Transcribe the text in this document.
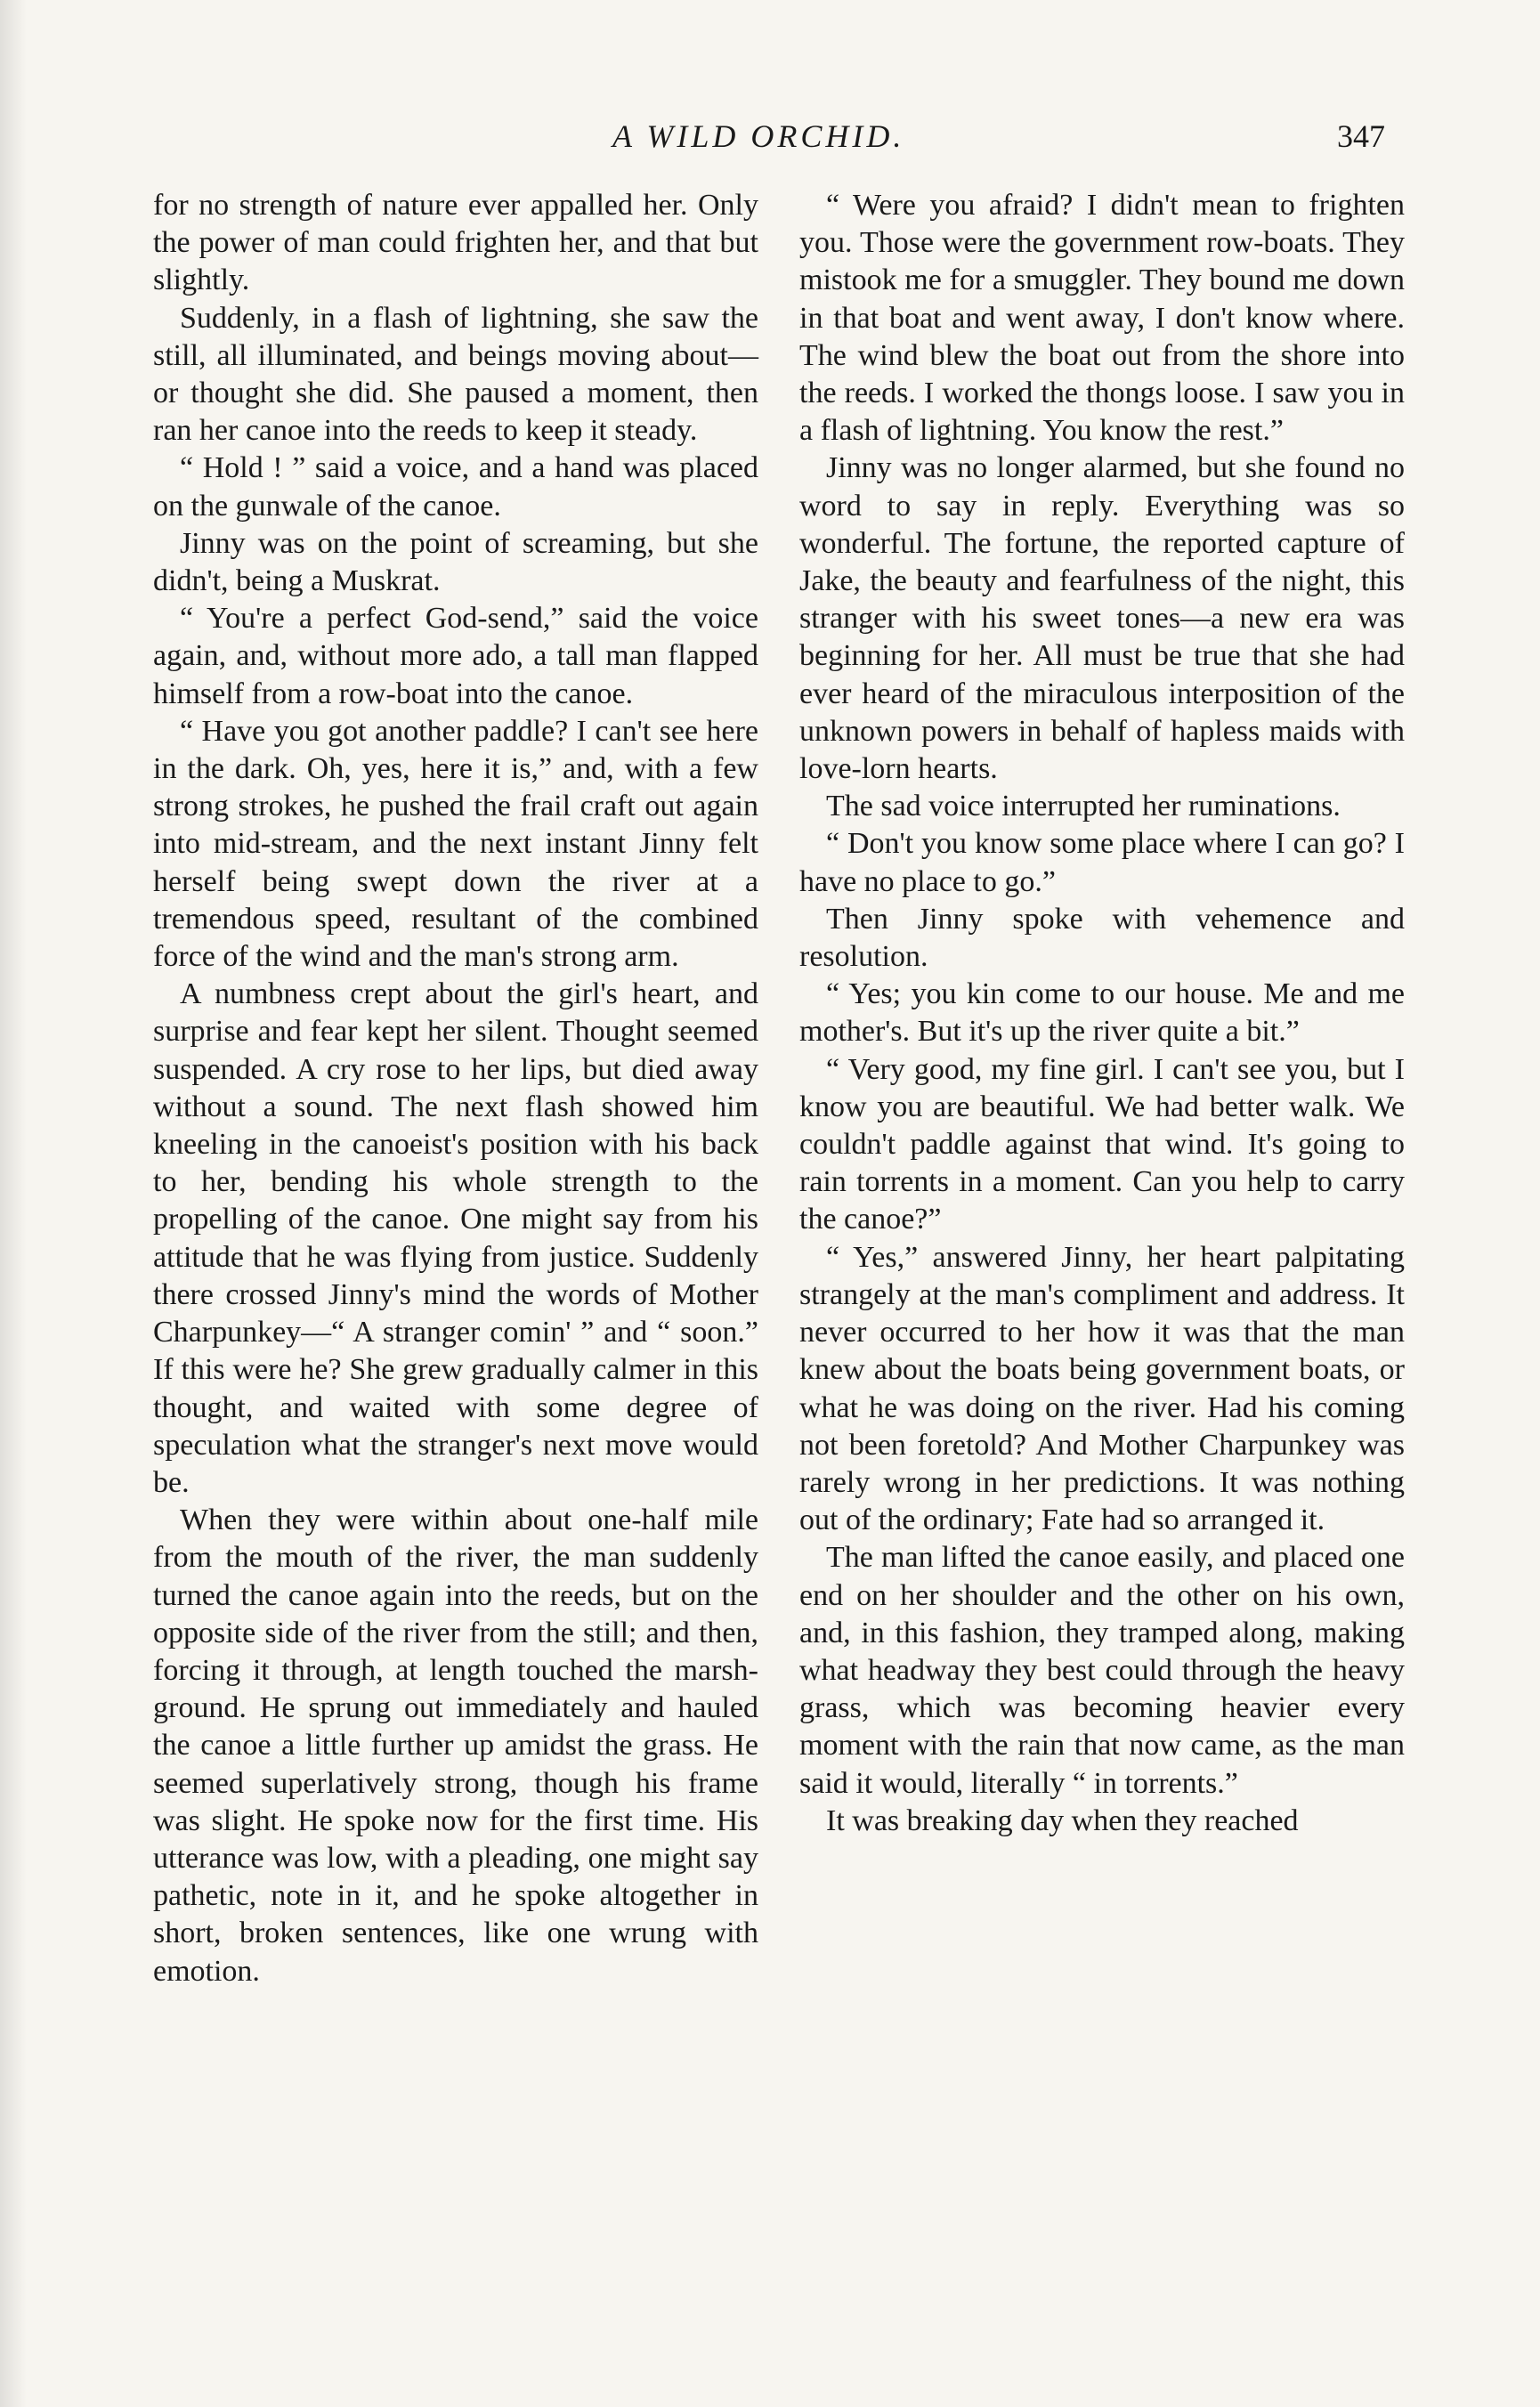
A WILD ORCHID.	347

for no strength of nature ever appalled her. Only the power of man could frighten her, and that but slightly.

Suddenly, in a flash of lightning, she saw the still, all illuminated, and beings moving about—or thought she did. She paused a moment, then ran her canoe into the reeds to keep it steady.

“ Hold ! ” said a voice, and a hand was placed on the gunwale of the canoe.

Jinny was on the point of screaming, but she didn't, being a Muskrat.

“ You're a perfect God-send,” said the voice again, and, without more ado, a tall man flapped himself from a row-boat into the canoe.

“ Have you got another paddle? I can't see here in the dark. Oh, yes, here it is,” and, with a few strong strokes, he pushed the frail craft out again into mid-stream, and the next instant Jinny felt herself being swept down the river at a tremendous speed, resultant of the combined force of the wind and the man's strong arm.

A numbness crept about the girl's heart, and surprise and fear kept her silent. Thought seemed suspended. A cry rose to her lips, but died away without a sound. The next flash showed him kneeling in the canoeist's position with his back to her, bending his whole strength to the propelling of the canoe. One might say from his attitude that he was flying from justice. Suddenly there crossed Jinny's mind the words of Mother Charpunkey—“ A stranger comin' ” and “ soon.” If this were he? She grew gradually calmer in this thought, and waited with some degree of speculation what the stranger's next move would be.

When they were within about one-half mile from the mouth of the river, the man suddenly turned the canoe again into the reeds, but on the opposite side of the river from the still; and then, forcing it through, at length touched the marsh-ground. He sprung out immediately and hauled the canoe a little further up amidst the grass. He seemed superlatively strong, though his frame was slight. He spoke now for the first time. His utterance was low, with a pleading, one might say pathetic, note in it, and he spoke altogether in short, broken sentences, like one wrung with emotion.

“ Were you afraid? I didn't mean to frighten you. Those were the government row-boats. They mistook me for a smuggler. They bound me down in that boat and went away, I don't know where. The wind blew the boat out from the shore into the reeds. I worked the thongs loose. I saw you in a flash of lightning. You know the rest.”

Jinny was no longer alarmed, but she found no word to say in reply. Everything was so wonderful. The fortune, the reported capture of Jake, the beauty and fearfulness of the night, this stranger with his sweet tones—a new era was beginning for her. All must be true that she had ever heard of the miraculous interposition of the unknown powers in behalf of hapless maids with love-lorn hearts.

The sad voice interrupted her ruminations.

“ Don't you know some place where I can go? I have no place to go.”

Then Jinny spoke with vehemence and resolution.

“ Yes; you kin come to our house. Me and me mother's. But it's up the river quite a bit.”

“ Very good, my fine girl. I can't see you, but I know you are beautiful. We had better walk. We couldn't paddle against that wind. It's going to rain torrents in a moment. Can you help to carry the canoe?”

“ Yes,” answered Jinny, her heart palpitating strangely at the man's compliment and address. It never occurred to her how it was that the man knew about the boats being government boats, or what he was doing on the river. Had his coming not been foretold? And Mother Charpunkey was rarely wrong in her predictions. It was nothing out of the ordinary; Fate had so arranged it.

The man lifted the canoe easily, and placed one end on her shoulder and the other on his own, and, in this fashion, they tramped along, making what headway they best could through the heavy grass, which was becoming heavier every moment with the rain that now came, as the man said it would, literally “ in torrents.”

It was breaking day when they reached
